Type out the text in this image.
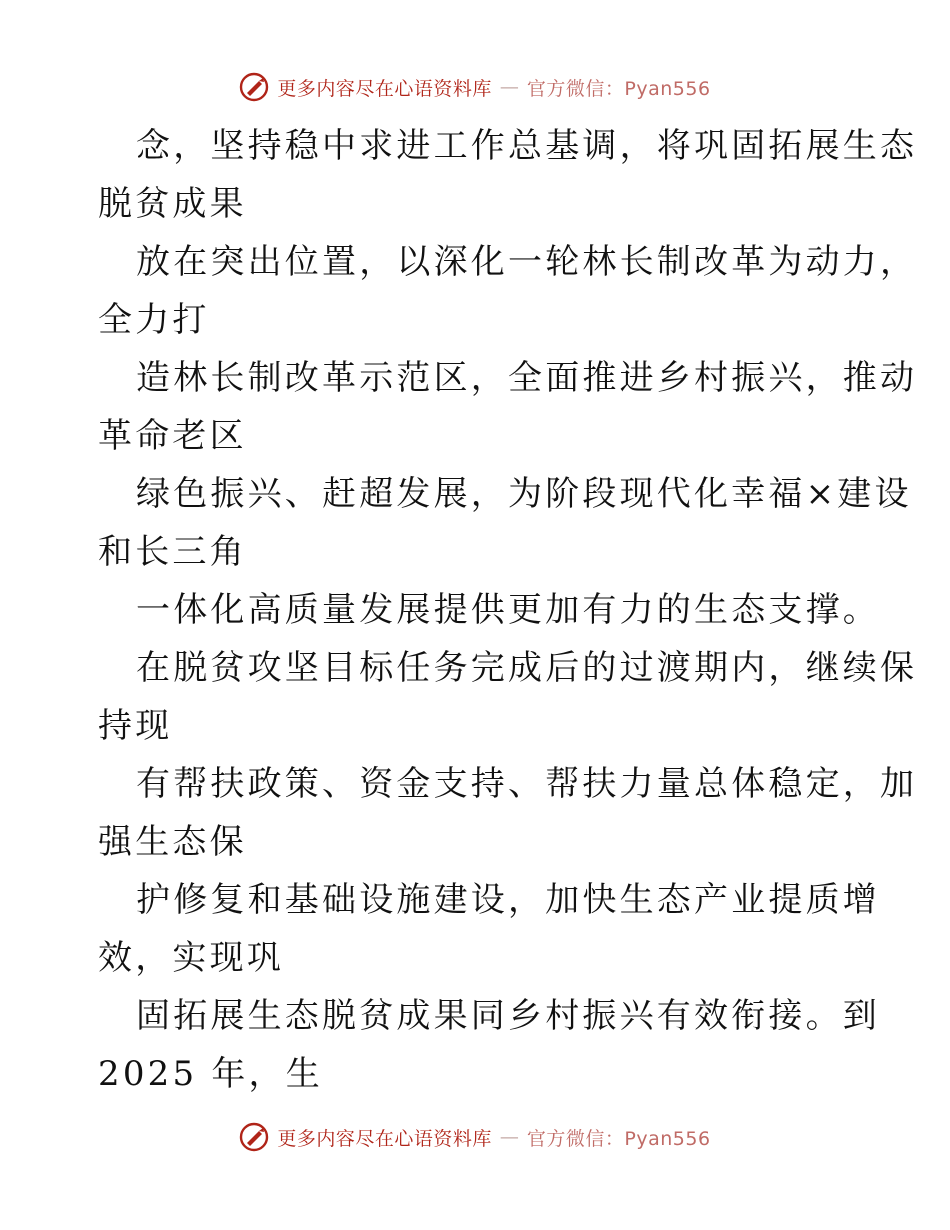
更多内容尽在心语资料库 — 官方微信：Pyan556
念，坚持稳中求进工作总基调，将巩固拓展生态
脱贫成果
放在突出位置，以深化一轮林长制改革为动力，
全力打
造林长制改革示范区，全面推进乡村振兴，推动
革命老区
绿色振兴、赶超发展，为阶段现代化幸福×建设
和长三角
一体化高质量发展提供更加有力的生态支撑。
在脱贫攻坚目标任务完成后的过渡期内，继续保
持现
有帮扶政策、资金支持、帮扶力量总体稳定，加
强生态保
护修复和基础设施建设，加快生态产业提质增
效，实现巩
固拓展生态脱贫成果同乡村振兴有效衔接。到
2025 年，生
更多内容尽在心语资料库 — 官方微信：Pyan556
